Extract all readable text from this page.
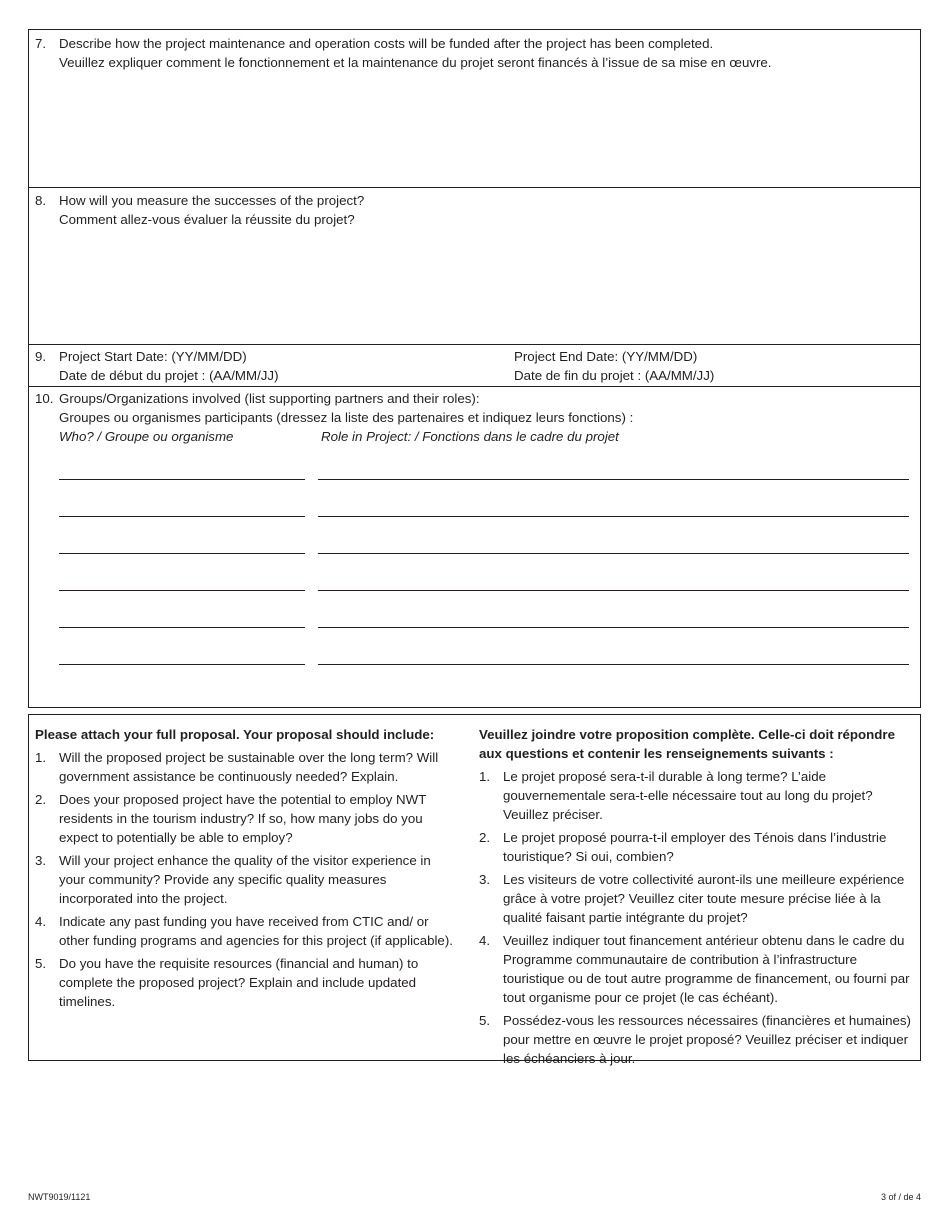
7. Describe how the project maintenance and operation costs will be funded after the project has been completed.
Veuillez expliquer comment le fonctionnement et la maintenance du projet seront financés à l’issue de sa mise en œuvre.
8. How will you measure the successes of the project?
Comment allez-vous évaluer la réussite du projet?
9. Project Start Date: (YY/MM/DD)
Date de début du projet : (AA/MM/JJ)
Project End Date: (YY/MM/DD)
Date de fin du projet : (AA/MM/JJ)
10. Groups/Organizations involved (list supporting partners and their roles):
Groupes ou organismes participants (dressez la liste des partenaires et indiquez leurs fonctions) :
Who? / Groupe ou organisme	Role in Project: / Fonctions dans le cadre du projet
Please attach your full proposal. Your proposal should include:
1. Will the proposed project be sustainable over the long term? Will government assistance be continuously needed? Explain.
2. Does your proposed project have the potential to employ NWT residents in the tourism industry? If so, how many jobs do you expect to potentially be able to employ?
3. Will your project enhance the quality of the visitor experience in your community? Provide any specific quality measures incorporated into the project.
4. Indicate any past funding you have received from CTIC and/ or other funding programs and agencies for this project (if applicable).
5. Do you have the requisite resources (financial and human) to complete the proposed project? Explain and include updated timelines.
Veuillez joindre votre proposition complète. Celle-ci doit répondre aux questions et contenir les renseignements suivants :
1. Le projet proposé sera-t-il durable à long terme? L’aide gouvernementale sera-t-elle nécessaire tout au long du projet? Veuillez préciser.
2. Le projet proposé pourra-t-il employer des Ténois dans l’industrie touristique? Si oui, combien?
3. Les visiteurs de votre collectivité auront-ils une meilleure expérience grâce à votre projet? Veuillez citer toute mesure précise liée à la qualité faisant partie intégrante du projet?
4. Veuillez indiquer tout financement antérieur obtenu dans le cadre du Programme communautaire de contribution à l’infrastructure touristique ou de tout autre programme de financement, ou fourni par tout organisme pour ce projet (le cas échéant).
5. Possédez-vous les ressources nécessaires (financières et humaines) pour mettre en œuvre le projet proposé? Veuillez préciser et indiquer les échéanciers à jour.
NWT9019/1121	3 of / de 4
